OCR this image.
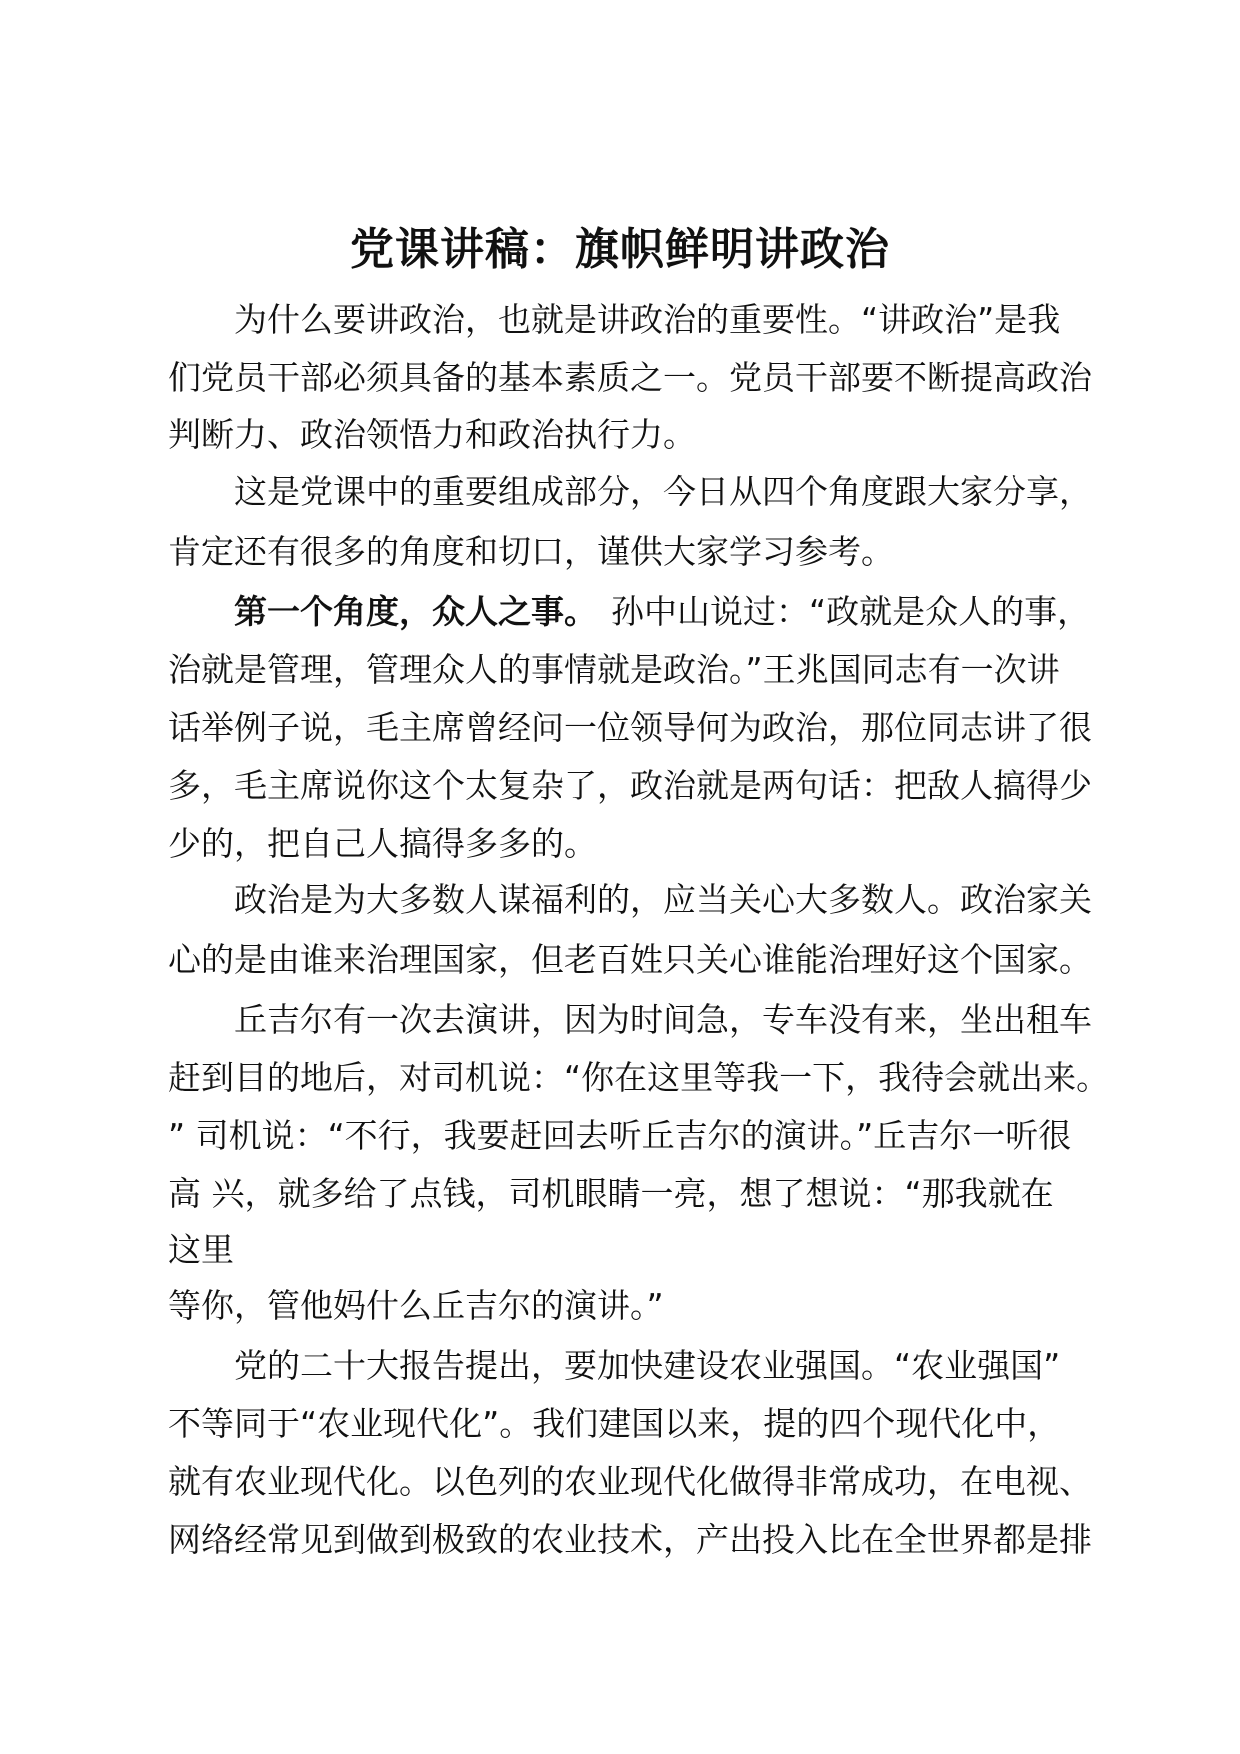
党课讲稿：旗帜鲜明讲政治

为什么要讲政治，也就是讲政治的重要性。“讲政治”是我

们党员干部必须具备的基本素质之一。党员干部要不断提高政治

判断力、政治领悟力和政治执行力。

这是党课中的重要组成部分，今日从四个角度跟大家分享，

肯定还有很多的角度和切口，谨供大家学习参考。

第一个角度，众人之事。 孙中山说过：“政就是众人的事，

治就是管理，管理众人的事情就是政治。”王兆国同志有一次讲

话举例子说，毛主席曾经问一位领导何为政治，那位同志讲了很

多，毛主席说你这个太复杂了，政治就是两句话：把敌人搞得少

少的，把自己人搞得多多的。

政治是为大多数人谋福利的，应当关心大多数人。政治家关

心的是由谁来治理国家，但老百姓只关心谁能治理好这个国家。

丘吉尔有一次去演讲，因为时间急，专车没有来，坐出租车

赶到目的地后，对司机说：“你在这里等我一下，我待会就出来。

” 司机说：“不行，我要赶回去听丘吉尔的演讲。”丘吉尔一听很

高 兴，就多给了点钱，司机眼睛一亮，想了想说：“那我就在

这里

等你，管他妈什么丘吉尔的演讲。”

党的二十大报告提出，要加快建设农业强国。“农业强国”

不等同于“农业现代化”。我们建国以来，提的四个现代化中，

就有农业现代化。以色列的农业现代化做得非常成功，在电视、

网络经常见到做到极致的农业技术，产出投入比在全世界都是排
